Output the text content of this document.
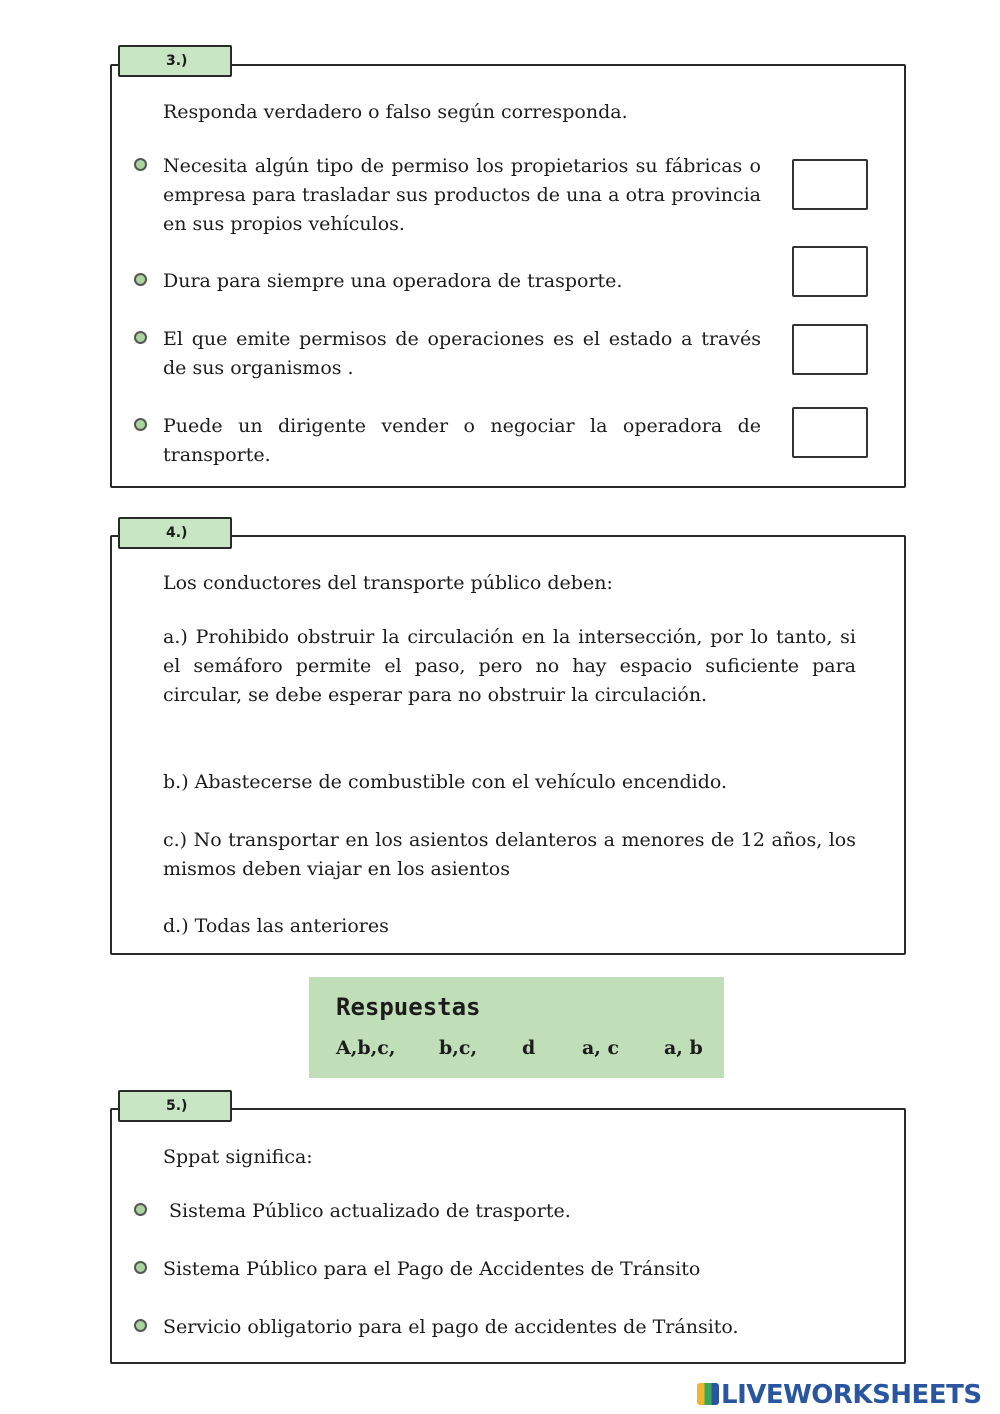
3.)

Responda verdadero o falso según corresponda.

Necesita algún tipo de permiso los propietarios su fábricas o empresa para trasladar sus productos de una a otra provincia en sus propios vehículos.

Dura para siempre una operadora de trasporte.

El que emite permisos de operaciones es el estado a través de sus organismos .

Puede un dirigente vender o negociar la operadora de transporte.

4.)

Los conductores del transporte público deben:

a.) Prohibido obstruir la circulación en la intersección, por lo tanto, si el semáforo permite el paso, pero no hay espacio suficiente para circular, se debe esperar para no obstruir la circulación.

b.) Abastecerse de combustible con el vehículo encendido.

c.) No transportar en los asientos delanteros a menores de 12 años, los mismos deben viajar en los asientos

d.) Todas las anteriores

Respuestas

A,b,c, b,c, d a, c a, b
5.)

Sppat significa:

Sistema Público actualizado de trasporte.

Sistema Público para el Pago de Accidentes de Tránsito

Servicio obligatorio para el pago de accidentes de Tránsito.

LIVEWORKSHEETS
